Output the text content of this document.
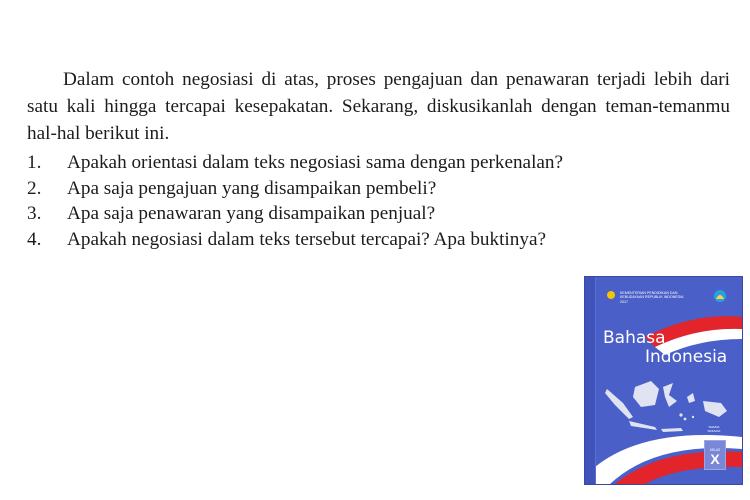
Dalam contoh negosiasi di atas, proses pengajuan dan penawaran terjadi lebih dari satu kali hingga tercapai kesepakatan. Sekarang, diskusikanlah dengan teman-temanmu hal-hal berikut ini.

1. Apakah orientasi dalam teks negosiasi sama dengan perkenalan?
2. Apa saja pengajuan yang disampaikan pembeli?
3. Apa saja penawaran yang disampaikan penjual?
4. Apakah negosiasi dalam teks tersebut tercapai? Apa buktinya?
KEMENTERIAN PENDIDIKAN DAN KEBUDAYAAN REPUBLIK INDONESIA
2017
Bahasa
Indonesia
SMA/MA SMK/MAK
KELAS
X
